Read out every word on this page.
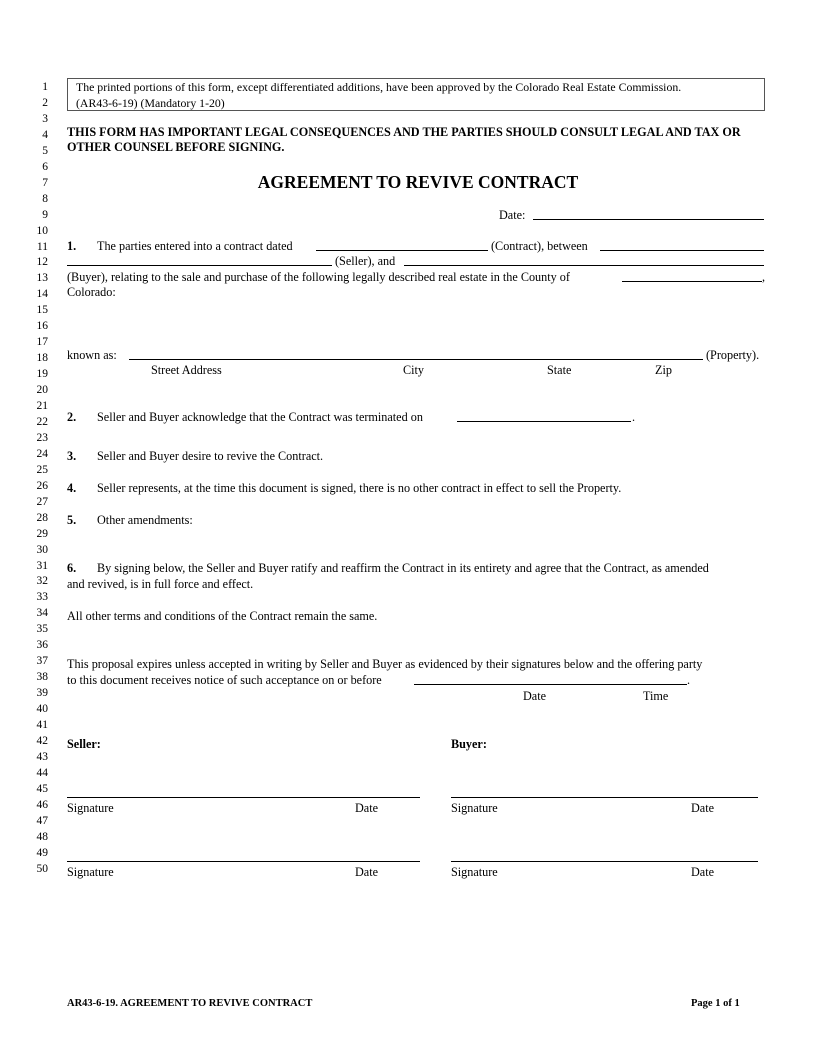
1
2
3
4
5
6
7
8
9
10
11
12
13
14
15
16
17
18
19
20
21
22
23
24
25
26
27
28
29
30
31
32
33
34
35
36
37
38
39
40
41
42
43
44
45
46
47
48
49
50
The printed portions of this form, except differentiated additions, have been approved by the Colorado Real Estate Commission.
(AR43-6-19) (Mandatory 1-20)
THIS FORM HAS IMPORTANT LEGAL CONSEQUENCES AND THE PARTIES SHOULD CONSULT LEGAL AND TAX OR
OTHER COUNSEL BEFORE SIGNING.
AGREEMENT TO REVIVE CONTRACT
Date:
1. The parties entered into a contract dated	(Contract), between
(Seller), and
(Buyer), relating to the sale and purchase of the following legally described real estate in the County of	,
Colorado:
known as:	(Property).
Street Address	City	State	Zip
2. Seller and Buyer acknowledge that the Contract was terminated on	.
3. Seller and Buyer desire to revive the Contract.
4. Seller represents, at the time this document is signed, there is no other contract in effect to sell the Property.
5. Other amendments:
6. By signing below, the Seller and Buyer ratify and reaffirm the Contract in its entirety and agree that the Contract, as amended
and revived, is in full force and effect.
All other terms and conditions of the Contract remain the same.
This proposal expires unless accepted in writing by Seller and Buyer as evidenced by their signatures below and the offering party
to this document receives notice of such acceptance on or before	.
Date	Time
Seller:	Buyer:
Signature	Date	Signature	Date
Signature	Date	Signature	Date
AR43-6-19. AGREEMENT TO REVIVE CONTRACT	Page 1 of 1
